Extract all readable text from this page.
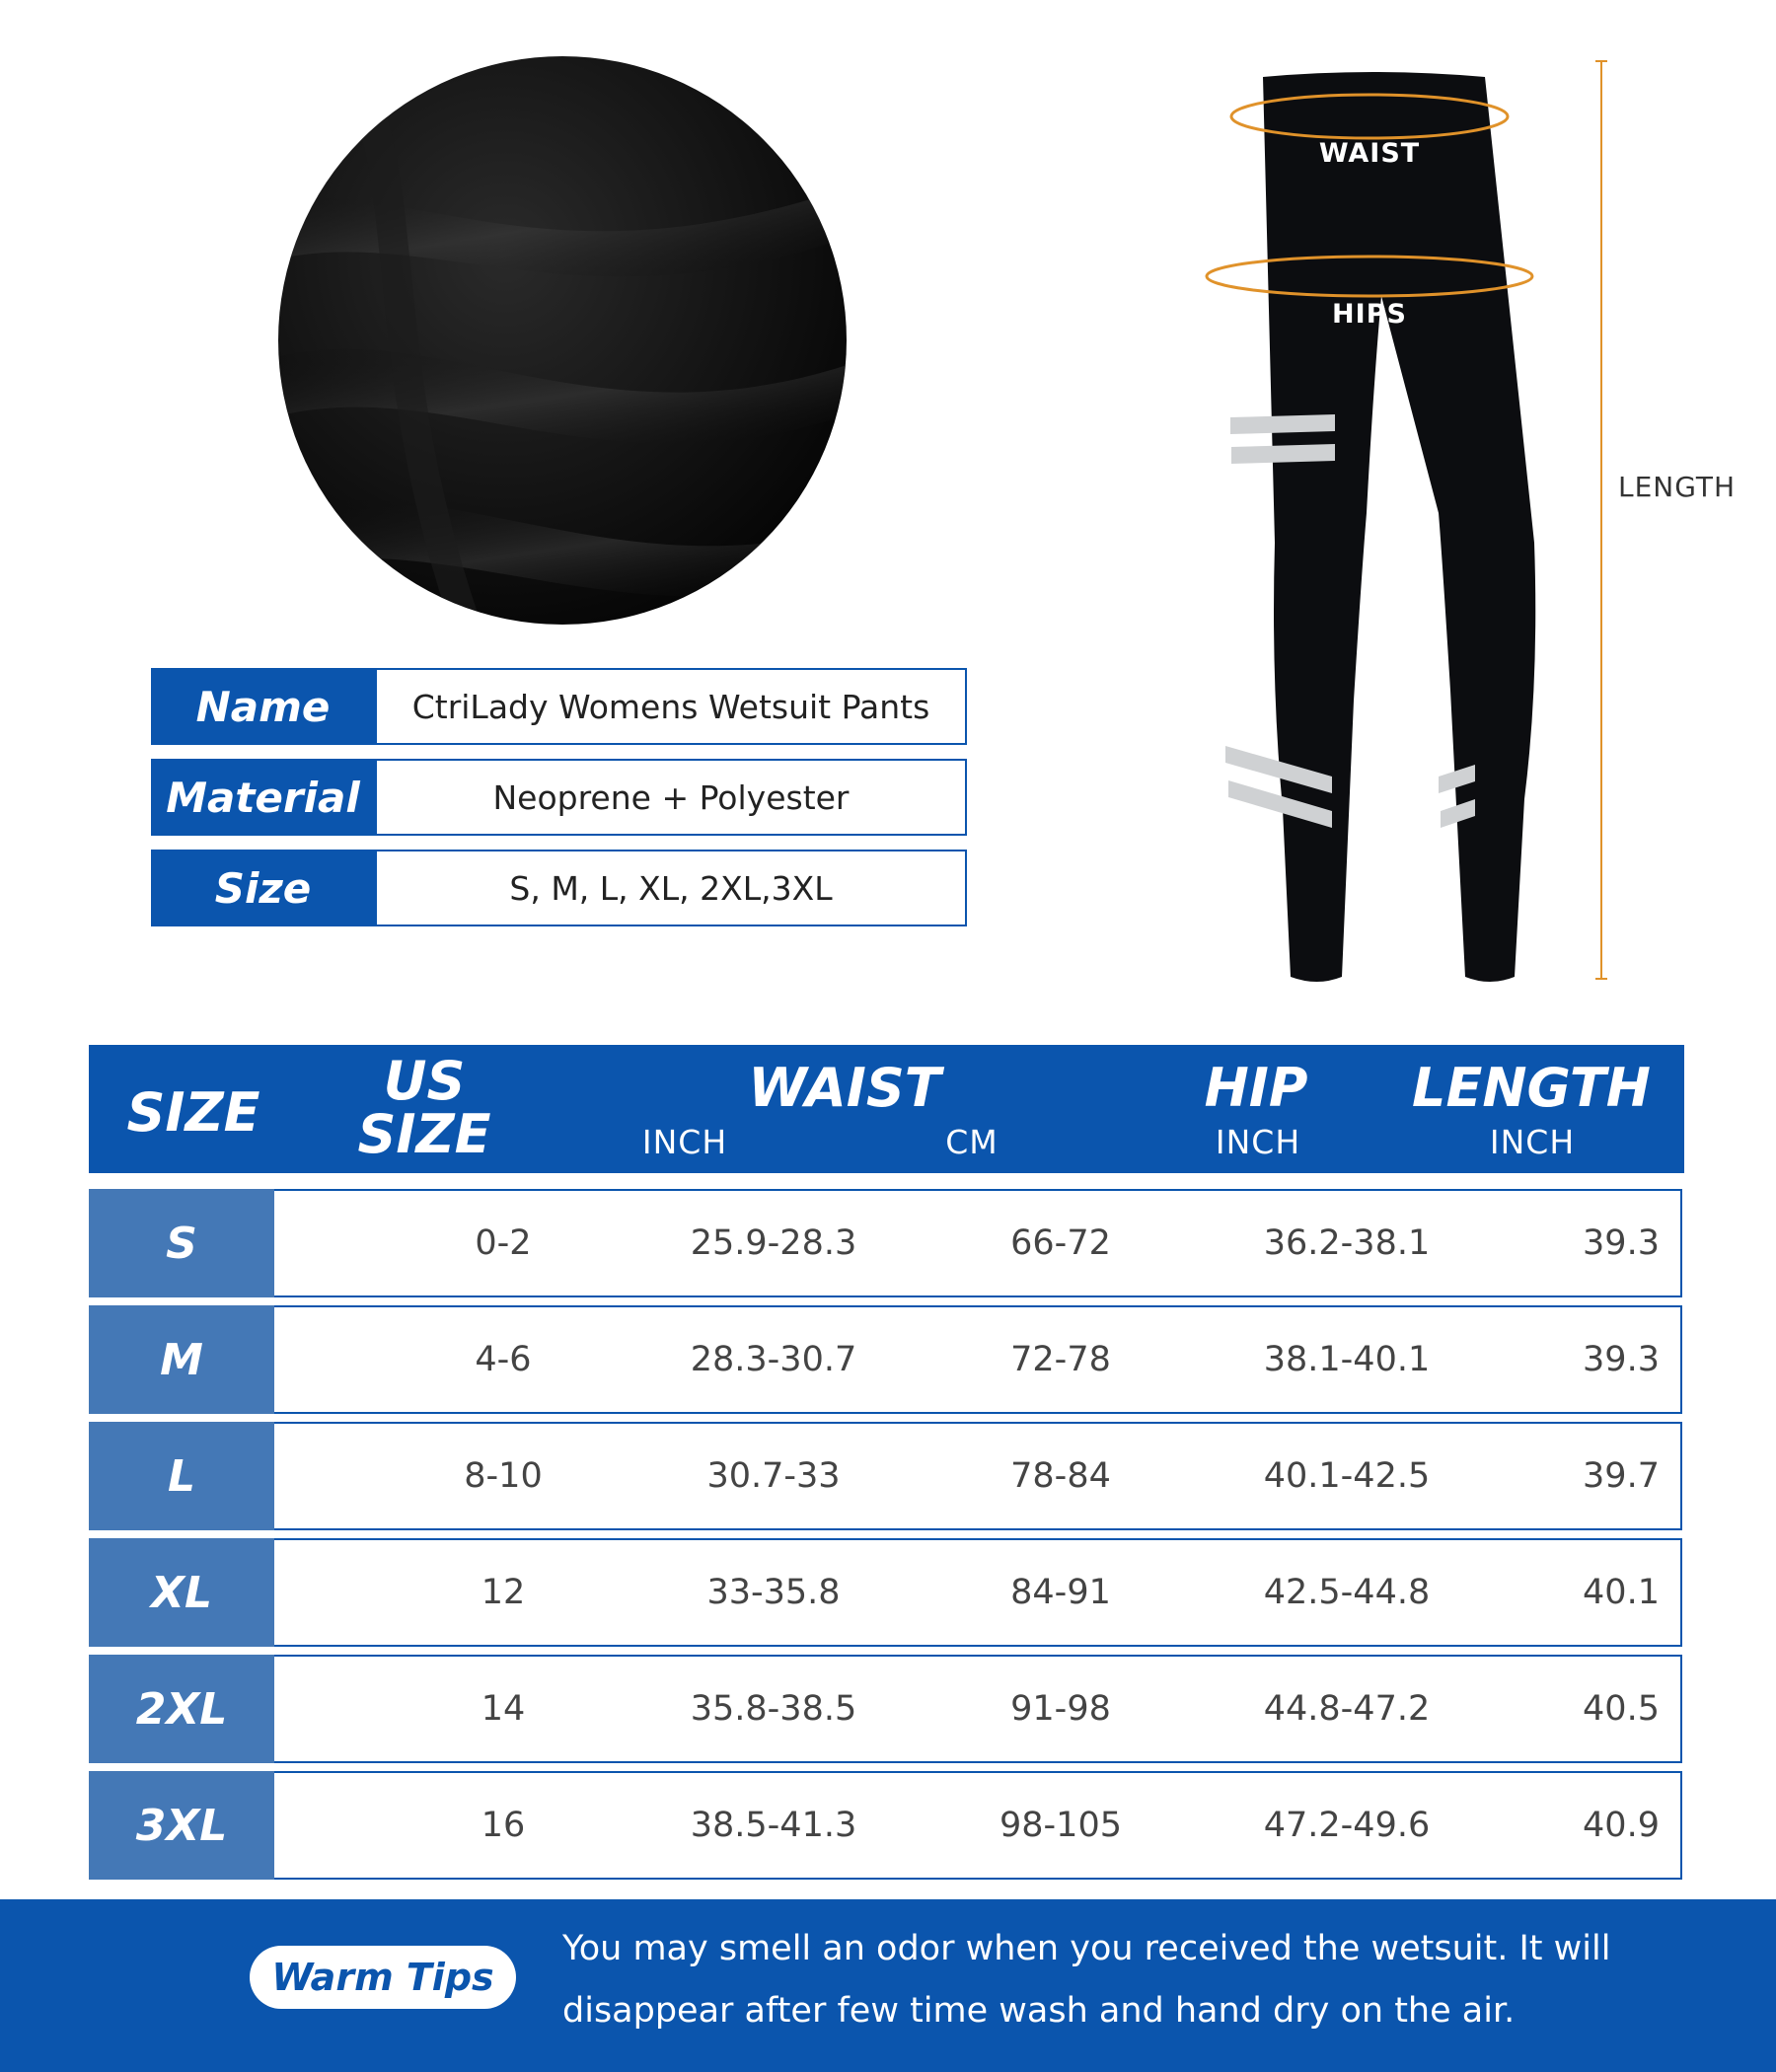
Name	CtriLady Womens Wetsuit Pants
Material	Neoprene + Polyester
Size	S, M, L, XL, 2XL,3XL
WAIST
HIPS
LENGTH
SIZE
US
SIZE
WAIST
INCH	CM
HIP
INCH
LENGTH
INCH
S	0-2	25.9-28.3	66-72	36.2-38.1	39.3
M	4-6	28.3-30.7	72-78	38.1-40.1	39.3
L	8-10	30.7-33	78-84	40.1-42.5	39.7
XL	12	33-35.8	84-91	42.5-44.8	40.1
2XL	14	35.8-38.5	91-98	44.8-47.2	40.5
3XL	16	38.5-41.3	98-105	47.2-49.6	40.9
Warm Tips
You may smell an odor when you received the wetsuit. It will
disappear after few time wash and hand dry on the air.
